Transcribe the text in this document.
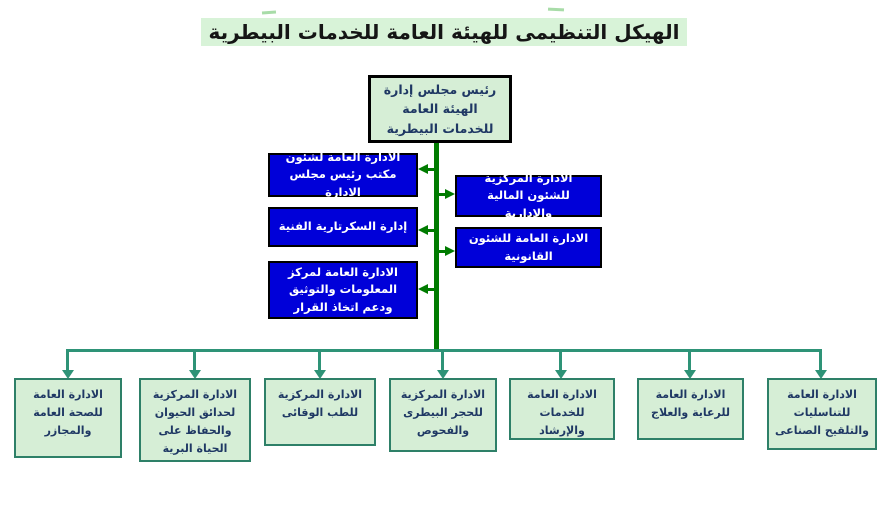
الهيكل التنظيمى للهيئة العامة للخدمات البيطرية
رئيس مجلس إدارة الهيئة العامة للخدمات البيطرية
الادارة العامة لشئون مكتب رئيس مجلس الادارة
إدارة السكرتارية الفنية
الادارة العامة لمركز المعلومات والتوثيق ودعم اتخاذ القرار
الادارة المركزية للشئون المالية والإدارية
الادارة العامة للشئون القانونية
الادارة العامة للصحة العامة والمجازر
الادارة المركزية لحدائق الحيوان والحفاظ على الحياة البرية
الادارة المركزية للطب الوقائى
الادارة المركزية للحجر البيطرى والفحوص
الادارة العامة للخدمات والإرشاد
الادارة العامة للرعاية والعلاج
الادارة العامة للتناسليات والتلقيح الصناعى
